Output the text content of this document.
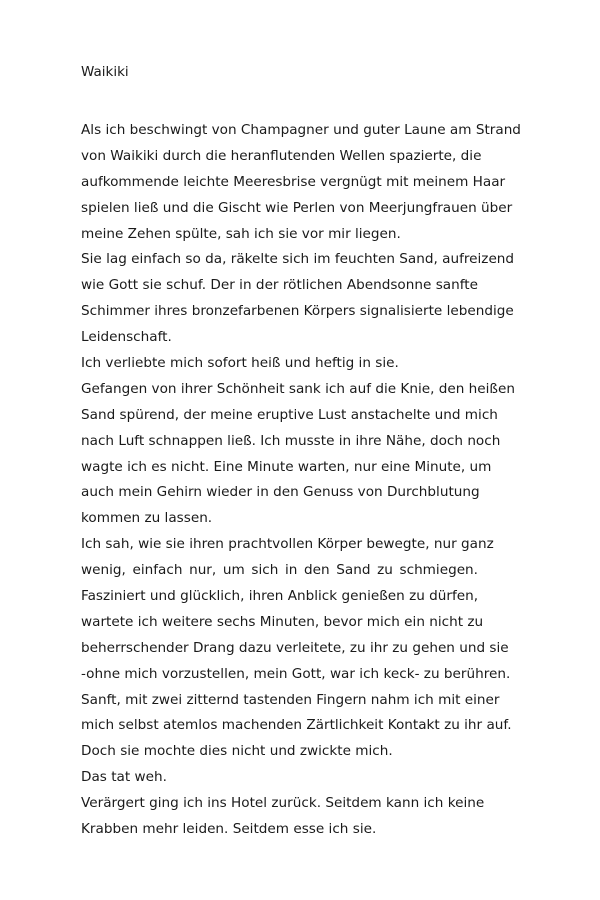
Waikiki
Als ich beschwingt von Champagner und guter Laune am Strand
von Waikiki durch die heranflutenden Wellen spazierte, die
aufkommende leichte Meeresbrise vergnügt mit meinem Haar
spielen ließ und die Gischt wie Perlen von Meerjungfrauen über
meine Zehen spülte, sah ich sie vor mir liegen.
Sie lag einfach so da, räkelte sich im feuchten Sand, aufreizend
wie Gott sie schuf. Der in der rötlichen Abendsonne sanfte
Schimmer ihres bronzefarbenen Körpers signalisierte lebendige
Leidenschaft.
Ich verliebte mich sofort heiß und heftig in sie.
Gefangen von ihrer Schönheit sank ich auf die Knie, den heißen
Sand spürend, der meine eruptive Lust anstachelte und mich
nach Luft schnappen ließ. Ich musste in ihre Nähe, doch noch
wagte ich es nicht. Eine Minute warten, nur eine Minute, um
auch mein Gehirn wieder in den Genuss von Durchblutung
kommen zu lassen.
Ich sah, wie sie ihren prachtvollen Körper bewegte, nur ganz
wenig, einfach nur, um sich in den Sand zu schmiegen.
Fasziniert und glücklich, ihren Anblick genießen zu dürfen,
wartete ich weitere sechs Minuten, bevor mich ein nicht zu
beherrschender Drang dazu verleitete, zu ihr zu gehen und sie
-ohne mich vorzustellen, mein Gott, war ich keck- zu berühren.
Sanft, mit zwei zitternd tastenden Fingern nahm ich mit einer
mich selbst atemlos machenden Zärtlichkeit Kontakt zu ihr auf.
Doch sie mochte dies nicht und zwickte mich.
Das tat weh.
Verärgert ging ich ins Hotel zurück. Seitdem kann ich keine
Krabben mehr leiden. Seitdem esse ich sie.
